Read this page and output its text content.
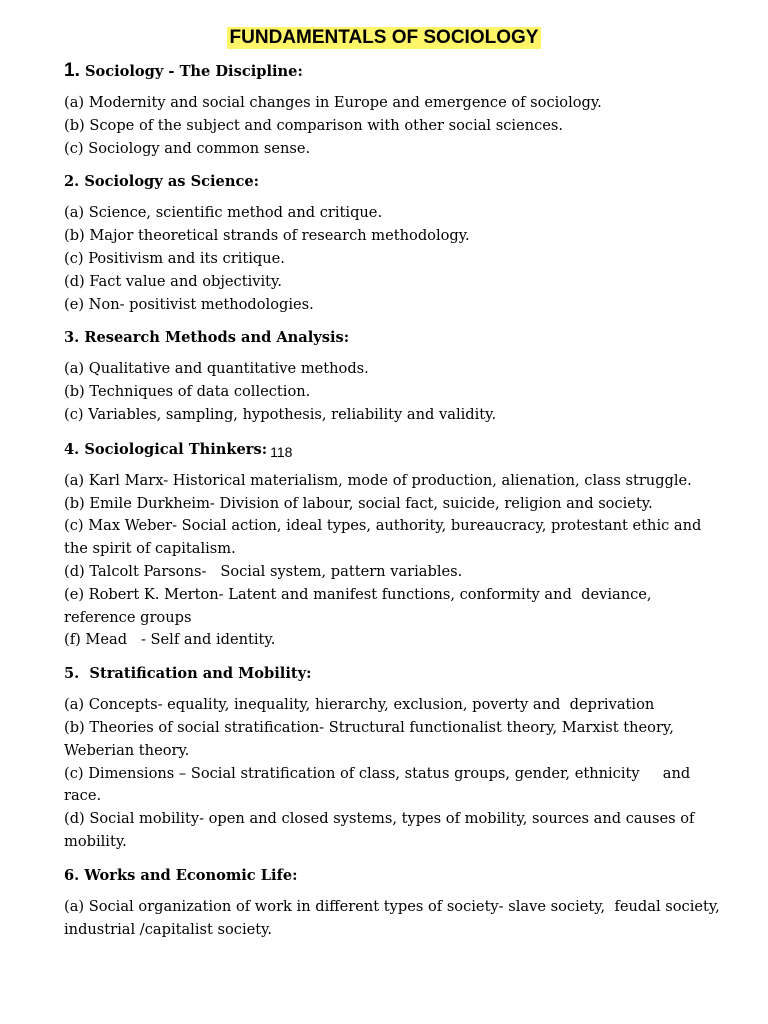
FUNDAMENTALS OF SOCIOLOGY
1. Sociology - The Discipline:
(a) Modernity and social changes in Europe and emergence of sociology.
(b) Scope of the subject and comparison with other social sciences.
(c) Sociology and common sense.
2. Sociology as Science:
(a) Science, scientific method and critique.
(b) Major theoretical strands of research methodology.
(c) Positivism and its critique.
(d) Fact value and objectivity.
(e) Non- positivist methodologies.
3. Research Methods and Analysis:
(a) Qualitative and quantitative methods.
(b) Techniques of data collection.
(c) Variables, sampling, hypothesis, reliability and validity.
4. Sociological Thinkers: 118
(a) Karl Marx- Historical materialism, mode of production, alienation, class struggle.
(b) Emile Durkheim- Division of labour, social fact, suicide, religion and society.
(c) Max Weber- Social action, ideal types, authority, bureaucracy, protestant ethic and the spirit of capitalism.
(d) Talcolt Parsons-   Social system, pattern variables.
(e) Robert K. Merton- Latent and manifest functions, conformity and  deviance, reference groups
(f) Mead   - Self and identity.
5.  Stratification and Mobility:
(a) Concepts- equality, inequality, hierarchy, exclusion, poverty and  deprivation
(b) Theories of social stratification- Structural functionalist theory, Marxist theory, Weberian theory.
(c) Dimensions – Social stratification of class, status groups, gender, ethnicity     and race.
(d) Social mobility- open and closed systems, types of mobility, sources and causes of mobility.
6. Works and Economic Life:
(a) Social organization of work in different types of society- slave society,  feudal society, industrial /capitalist society.
